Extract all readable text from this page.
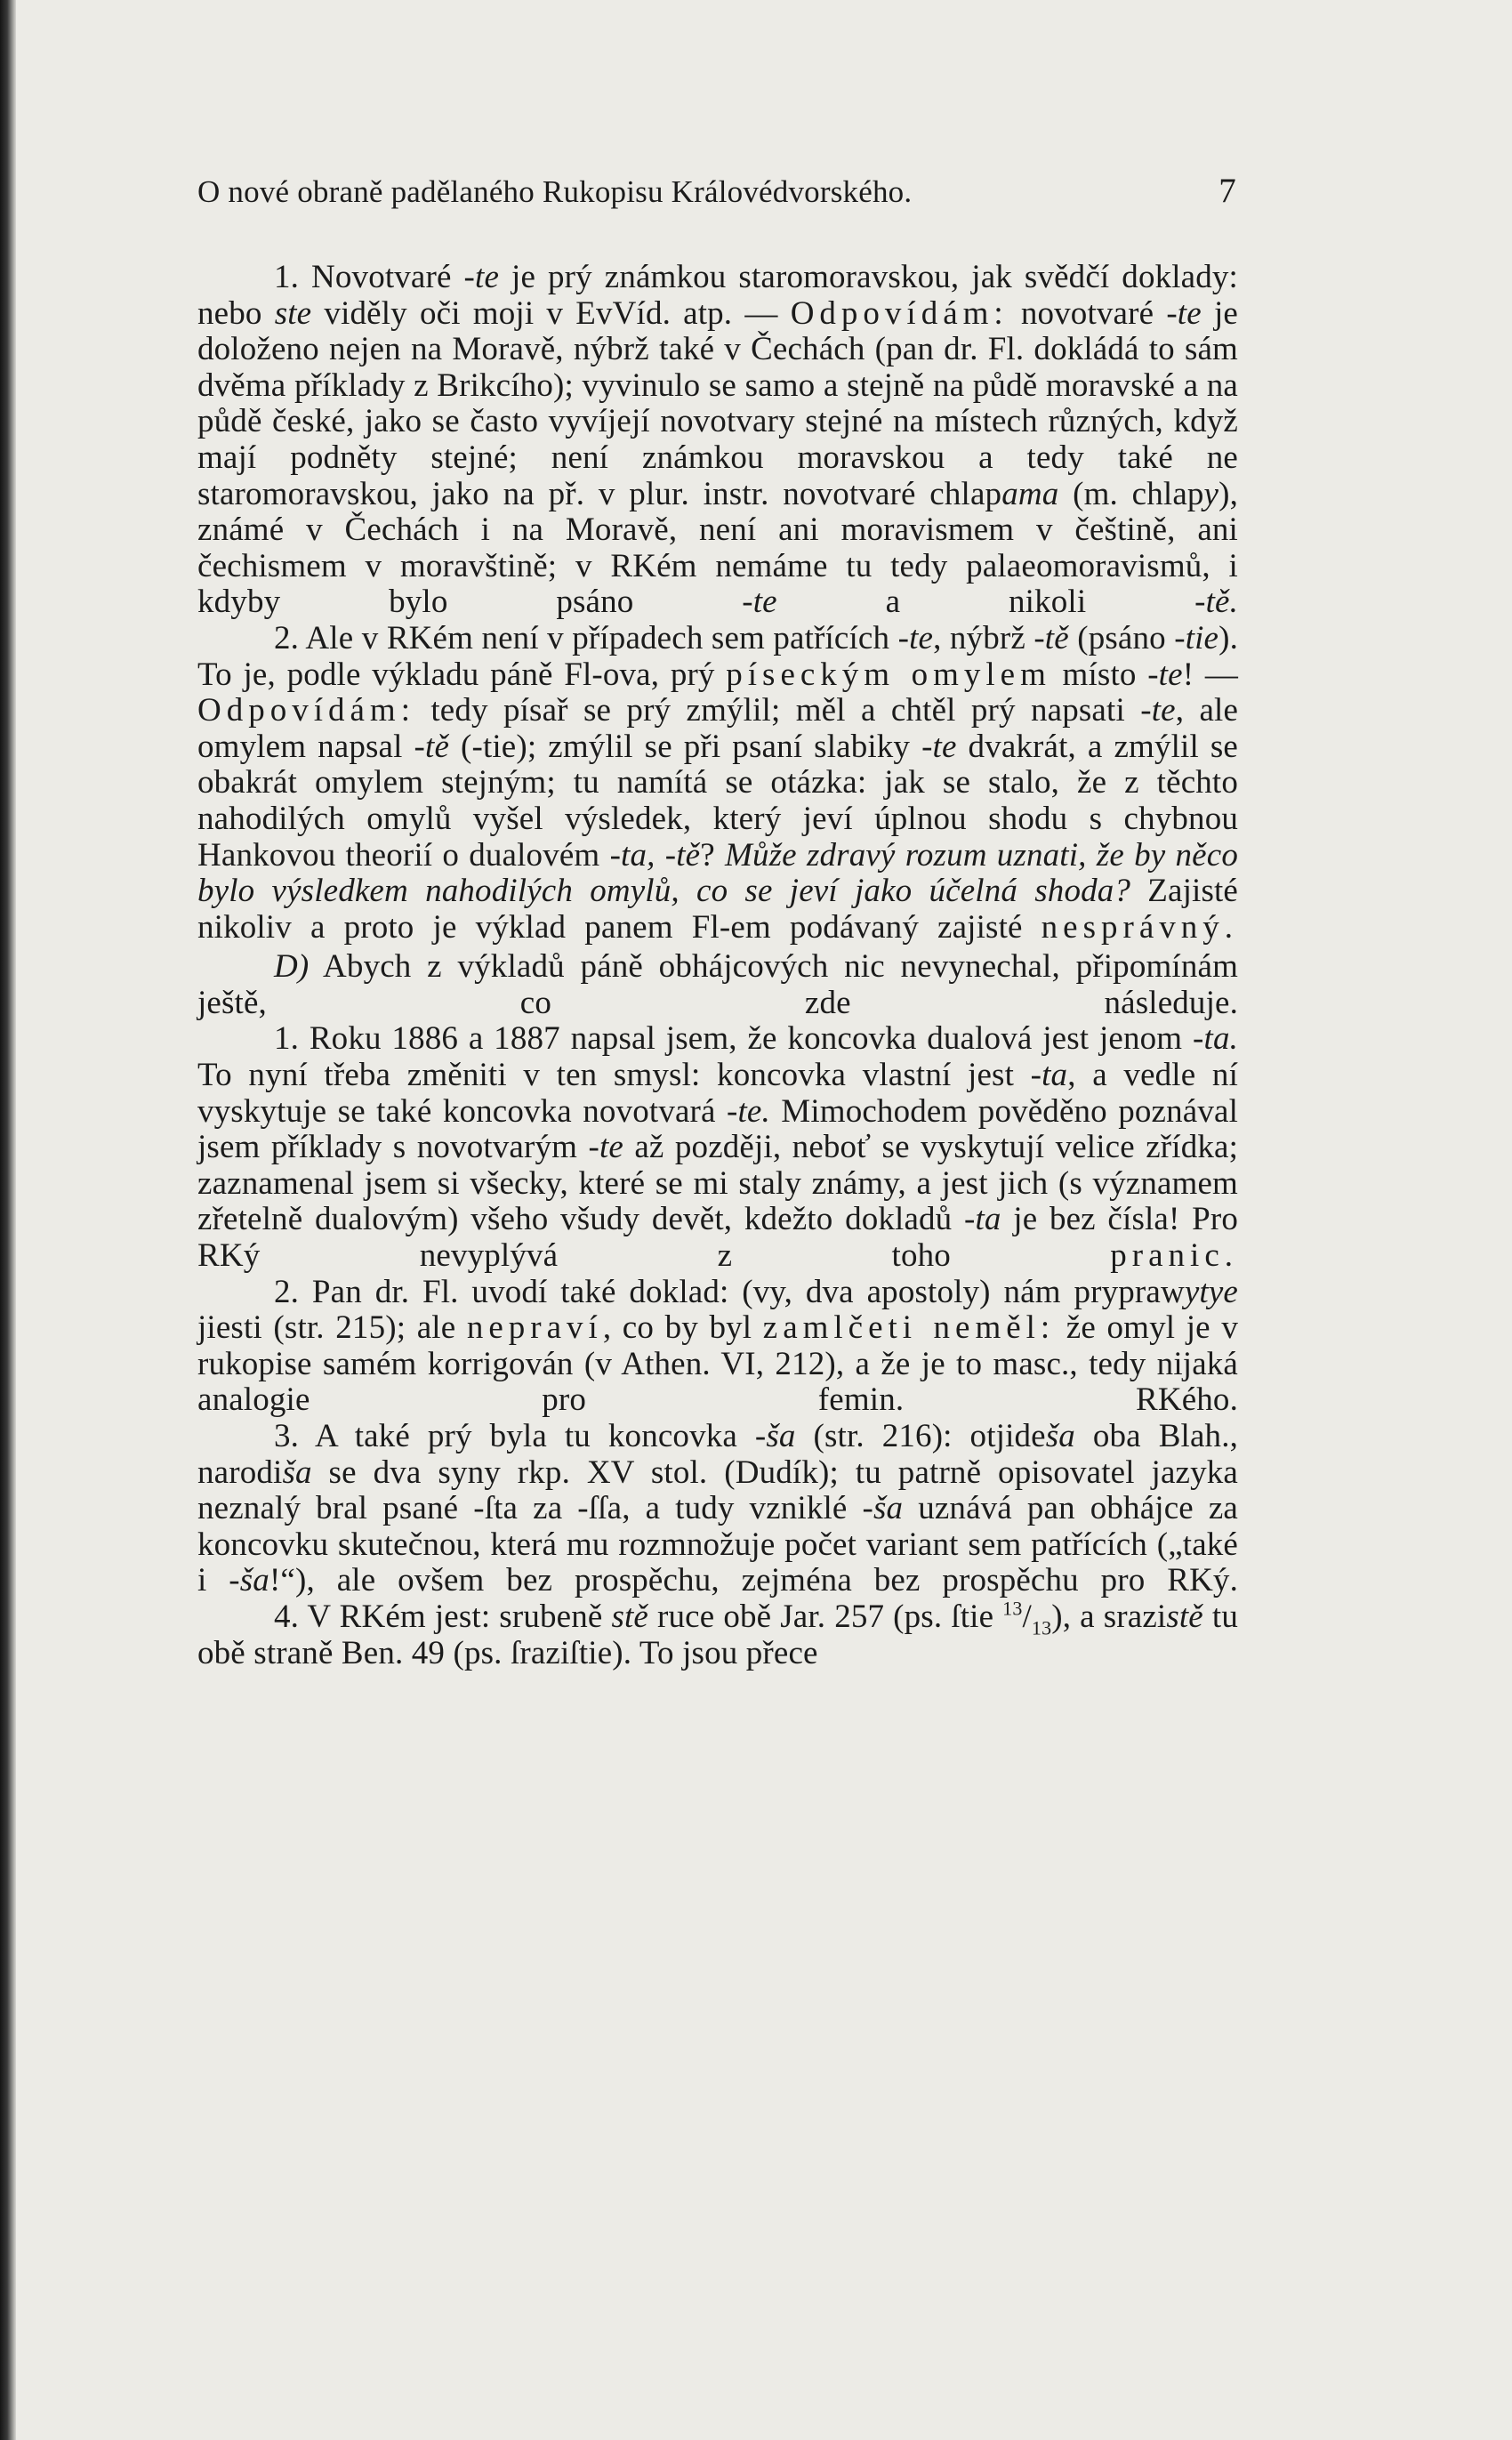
O nové obraně padělaného Rukopisu Královédvorského.	7

1. Novotvaré -te je prý známkou staromoravskou, jak svědčí doklady: nebo ste viděly oči moji v EvVíd. atp. — Odpovídám: novotvaré -te je doloženo nejen na Moravě, nýbrž také v Čechách (pan dr. Fl. dokládá to sám dvěma příklady z Brikcího); vyvinulo se samo a stejně na půdě moravské a na půdě české, jako se často vyvíjejí novotvary stejné na místech různých, když mají podněty stejné; není známkou moravskou a tedy také ne staromoravskou, jako na př. v plur. instr. novotvaré chlapama (m. chlapy), známé v Čechách i na Moravě, není ani moravismem v češtině, ani čechismem v moravštině; v RKém nemáme tu tedy palaeomoravismů, i kdyby bylo psáno -te a nikoli -tě.

2. Ale v RKém není v případech sem patřících -te, nýbrž -tě (psáno -tie). To je, podle výkladu páně Fl-ova, prý píseckým omylem místo -te! — Odpovídám: tedy písař se prý zmýlil; měl a chtěl prý napsati -te, ale omylem napsal -tě (-tie); zmýlil se při psaní slabiky -te dvakrát, a zmýlil se obakrát omylem stejným; tu namítá se otázka: jak se stalo, že z těchto nahodilých omylů vyšel výsledek, který jeví úplnou shodu s chybnou Hankovou theorií o dualovém -ta, -tě? Může zdravý rozum uznati, že by něco bylo výsledkem nahodilých omylů, co se jeví jako účelná shoda? Zajisté nikoliv a proto je výklad panem Fl-em podávaný zajisté nesprávný.

D) Abych z výkladů páně obhájcových nic nevynechal, připomínám ještě, co zde následuje.

1. Roku 1886 a 1887 napsal jsem, že koncovka dualová jest jenom -ta. To nyní třeba změniti v ten smysl: koncovka vlastní jest -ta, a vedle ní vyskytuje se také koncovka novotvará -te. Mimochodem pověděno poznával jsem příklady s novotvarým -te až později, neboť se vyskytují velice zřídka; zaznamenal jsem si všecky, které se mi staly známy, a jest jich (s významem zřetelně dualovým) všeho všudy devět, kdežto dokladů -ta je bez čísla! Pro RKý nevyplývá z toho pranic.

2. Pan dr. Fl. uvodí také doklad: (vy, dva apostoly) nám pryprawytye jiesti (str. 215); ale nepraví, co by byl zamlčeti neměl: že omyl je v rukopise samém korrigován (v Athen. VI, 212), a že je to masc., tedy nijaká analogie pro femin. RKého.

3. A také prý byla tu koncovka -ša (str. 216): otjideša oba Blah., narodiša se dva syny rkp. XV stol. (Dudík); tu patrně opisovatel jazyka neznalý bral psané -ſta za -ſſa, a tudy vzniklé -ša uznává pan obhájce za koncovku skutečnou, která mu rozmnožuje počet variant sem patřících („také i -ša!“), ale ovšem bez prospěchu, zejména bez prospěchu pro RKý.

4. V RKém jest: srubeně stě ruce obě Jar. 257 (ps. ſtie $^{13}/_{13}$), a srazistě tu obě straně Ben. 49 (ps. ſraziſtie). To jsou přece
